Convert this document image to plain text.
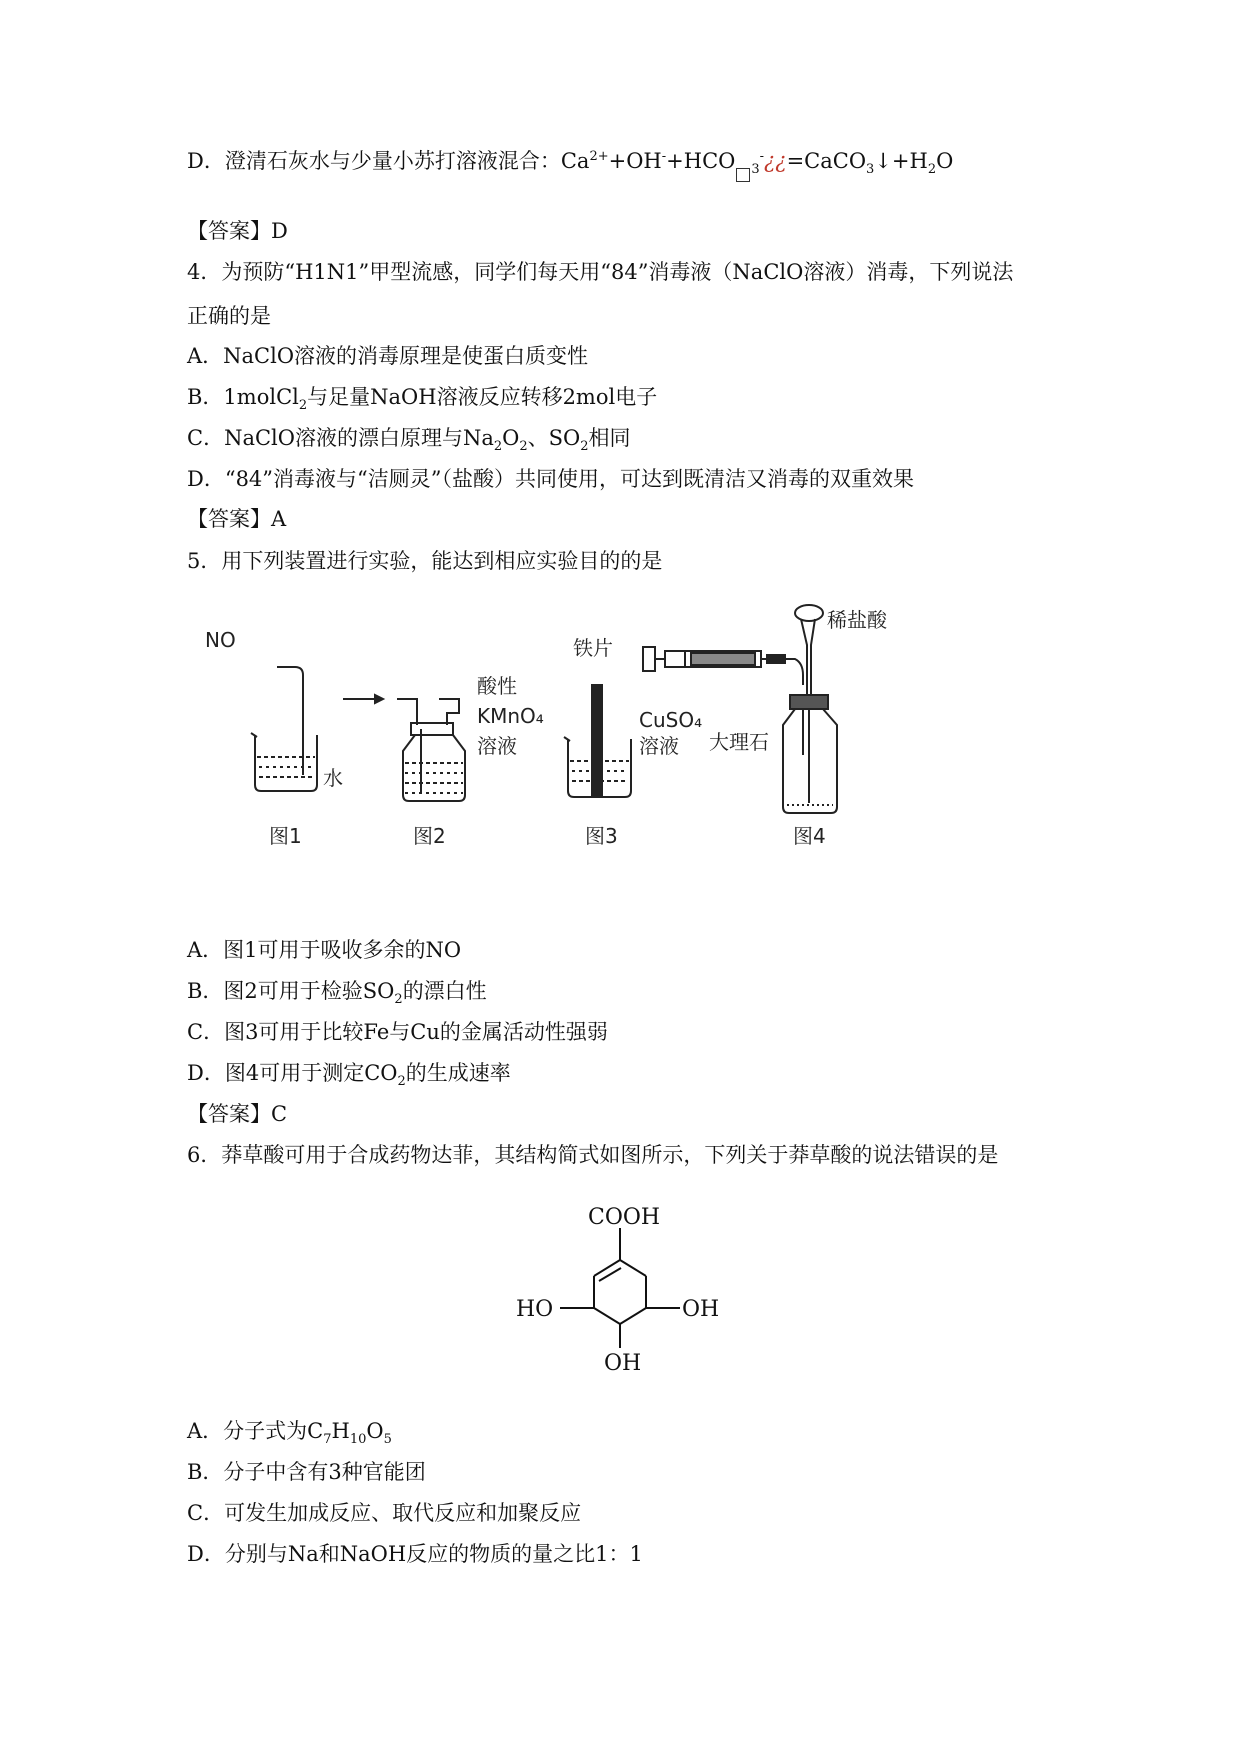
D．澄清石灰水与少量小苏打溶液混合：$Ca^{2+}+OH^-+HCO$ $_3^-¿¿=CaCO_3↓+H_2O$
【答案】D
4．为预防“H1N1”甲型流感，同学们每天用“84”消毒液（NaClO溶液）消毒，下列说法
正确的是
A．NaClO溶液的消毒原理是使蛋白质变性
B．1molCl$_2$与足量NaOH溶液反应转移2mol电子
C．NaClO溶液的漂白原理与$Na_2O_2$、$SO_2$相同
D．“84”消毒液与“洁厕灵”（盐酸）共同使用，可达到既清洁又消毒的双重效果
【答案】A
5．用下列装置进行实验，能达到相应实验目的的是
NO
水
酸性
KMnO₄
溶液
铁片
CuSO₄
溶液
稀盐酸
大理石
图1	图2	图3	图4
A．图1可用于吸收多余的NO
B．图2可用于检验$SO_2$的漂白性
C．图3可用于比较Fe与Cu的金属活动性强弱
D．图4可用于测定$CO_2$的生成速率
【答案】C
6．莽草酸可用于合成药物达菲，其结构简式如图所示，下列关于莽草酸的说法错误的是
COOH
HO	OH
OH
A．分子式为$C_7H_{10}O_5$
B．分子中含有3种官能团
C．可发生加成反应、取代反应和加聚反应
D．分别与Na和NaOH反应的物质的量之比1：1
